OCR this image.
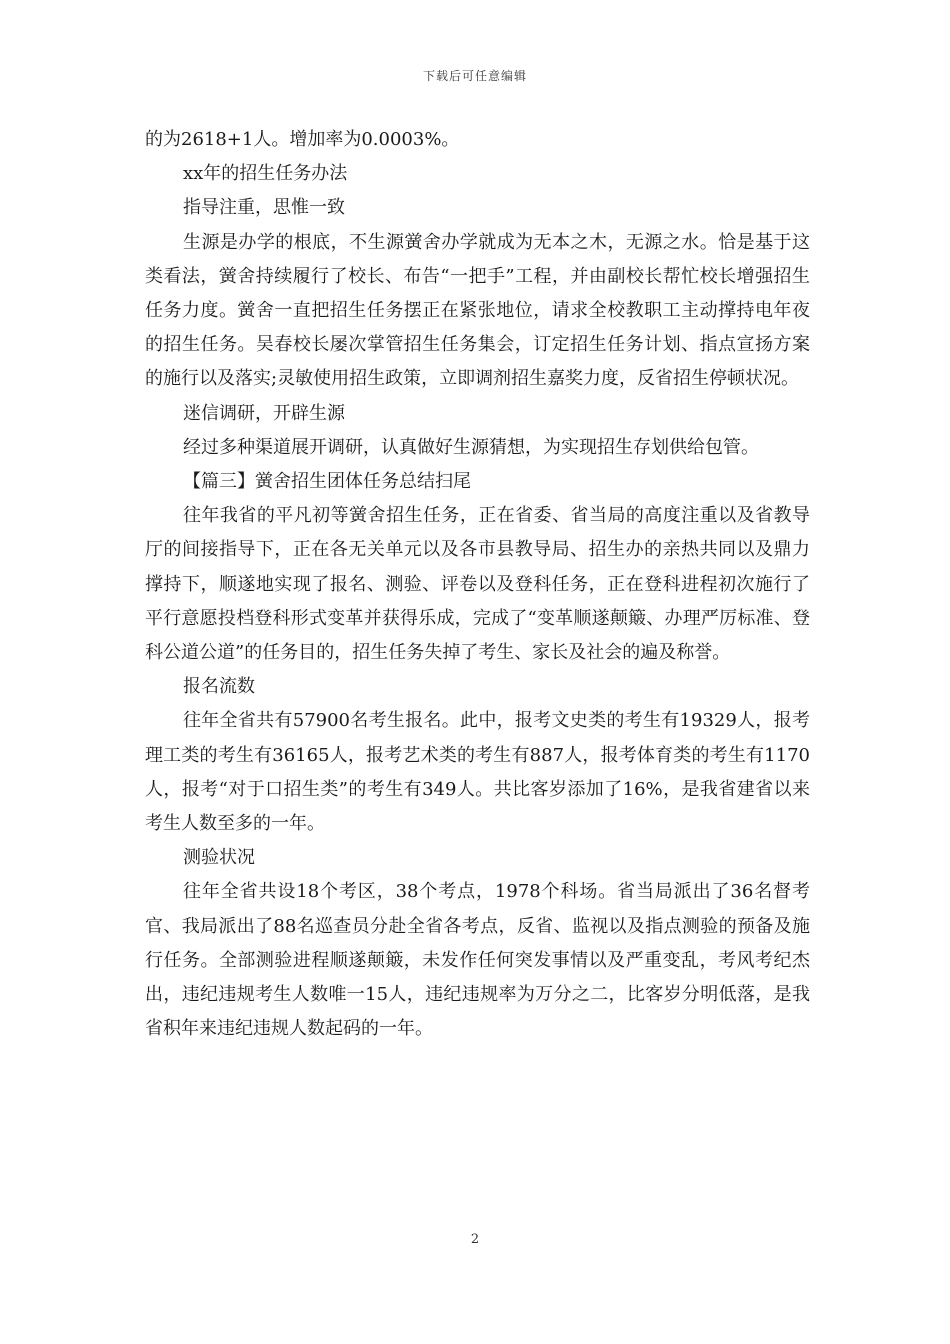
下载后可任意编辑

的为2618+1人。增加率为0.0003%。

xx年的招生任务办法

指导注重，思惟一致

生源是办学的根底，不生源黉舍办学就成为无本之木，无源之水。恰是基于这类看法，黉舍持续履行了校长、布告“一把手”工程，并由副校长帮忙校长增强招生任务力度。黉舍一直把招生任务摆正在紧张地位，请求全校教职工主动撑持电年夜的招生任务。吴春校长屡次掌管招生任务集会，订定招生任务计划、指点宣扬方案的施行以及落实;灵敏使用招生政策，立即调剂招生嘉奖力度，反省招生停顿状况。

迷信调研，开辟生源

经过多种渠道展开调研，认真做好生源猜想，为实现招生存划供给包管。

【篇三】黉舍招生团体任务总结扫尾

往年我省的平凡初等黉舍招生任务，正在省委、省当局的高度注重以及省教导厅的间接指导下，正在各无关单元以及各市县教导局、招生办的亲热共同以及鼎力撑持下，顺遂地实现了报名、测验、评卷以及登科任务，正在登科进程初次施行了平行意愿投档登科形式变革并获得乐成，完成了“变革顺遂颠簸、办理严厉标准、登科公道公道”的任务目的，招生任务失掉了考生、家长及社会的遍及称誉。

报名流数

往年全省共有57900名考生报名。此中，报考文史类的考生有19329人，报考理工类的考生有36165人，报考艺术类的考生有887人，报考体育类的考生有1170人，报考“对于口招生类”的考生有349人。共比客岁添加了16%，是我省建省以来考生人数至多的一年。

测验状况

往年全省共设18个考区，38个考点，1978个科场。省当局派出了36名督考官、我局派出了88名巡查员分赴全省各考点，反省、监视以及指点测验的预备及施行任务。全部测验进程顺遂颠簸，未发作任何突发事情以及严重变乱，考风考纪杰出，违纪违规考生人数唯一15人，违纪违规率为万分之二，比客岁分明低落，是我省积年来违纪违规人数起码的一年。

2
